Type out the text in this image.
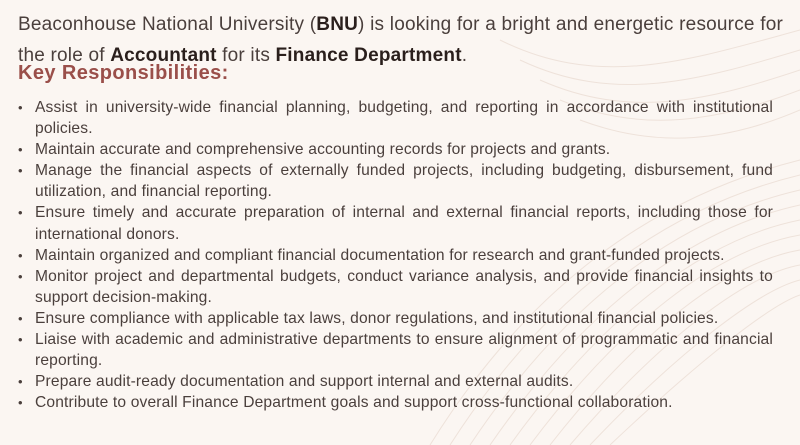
Beaconhouse National University (BNU) is looking for a bright and energetic resource for the role of Accountant for its Finance Department.

Key Responsibilities:
• Assist in university-wide financial planning, budgeting, and reporting in accordance with institutional policies.
• Maintain accurate and comprehensive accounting records for projects and grants.
• Manage the financial aspects of externally funded projects, including budgeting, disbursement, fund utilization, and financial reporting.
• Ensure timely and accurate preparation of internal and external financial reports, including those for international donors.
• Maintain organized and compliant financial documentation for research and grant-funded projects.
• Monitor project and departmental budgets, conduct variance analysis, and provide financial insights to support decision-making.
• Ensure compliance with applicable tax laws, donor regulations, and institutional financial policies.
• Liaise with academic and administrative departments to ensure alignment of programmatic and financial reporting.
• Prepare audit-ready documentation and support internal and external audits.
• Contribute to overall Finance Department goals and support cross-functional collaboration.
